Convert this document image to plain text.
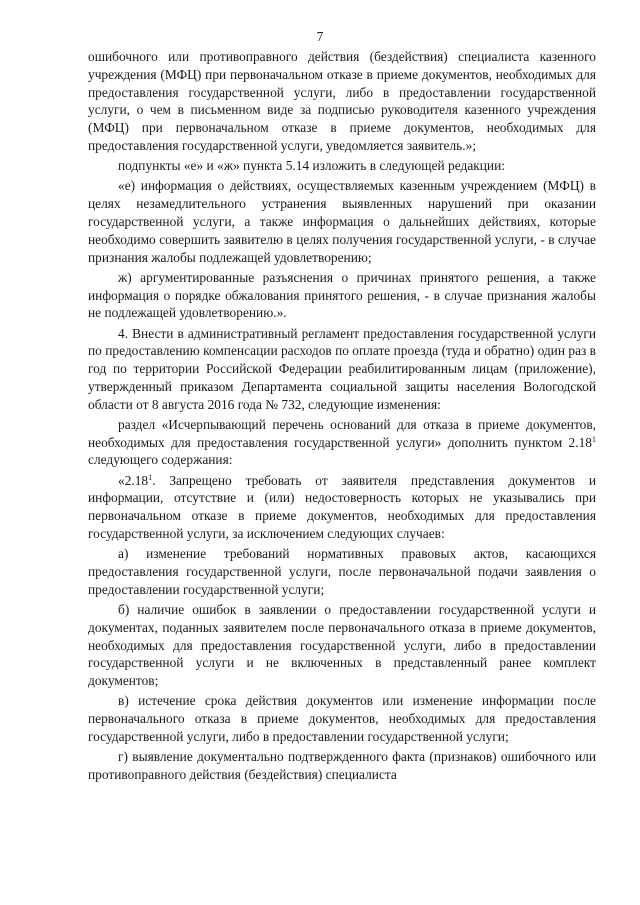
7

ошибочного или противоправного действия (бездействия) специалиста казенного учреждения (МФЦ) при первоначальном отказе в приеме документов, необходимых для предоставления государственной услуги, либо в предоставлении государственной услуги, о чем в письменном виде за подписью руководителя казенного учреждения (МФЦ) при первоначальном отказе в приеме документов, необходимых для предоставления государственной услуги, уведомляется заявитель.»;

подпункты «е» и «ж» пункта 5.14 изложить в следующей редакции:

«е) информация о действиях, осуществляемых казенным учреждением (МФЦ) в целях незамедлительного устранения выявленных нарушений при оказании государственной услуги, а также информация о дальнейших действиях, которые необходимо совершить заявителю в целях получения государственной услуги, - в случае признания жалобы подлежащей удовлетворению;

ж) аргументированные разъяснения о причинах принятого решения, а также информация о порядке обжалования принятого решения, - в случае признания жалобы не подлежащей удовлетворению.».

4. Внести в административный регламент предоставления государственной услуги по предоставлению компенсации расходов по оплате проезда (туда и обратно) один раз в год по территории Российской Федерации реабилитированным лицам (приложение), утвержденный приказом Департамента социальной защиты населения Вологодской области от 8 августа 2016 года № 732, следующие изменения:

раздел «Исчерпывающий перечень оснований для отказа в приеме документов, необходимых для предоставления государственной услуги» дополнить пунктом 2.18$^1$ следующего содержания:

«2.18$^1$. Запрещено требовать от заявителя представления документов и информации, отсутствие и (или) недостоверность которых не указывались при первоначальном отказе в приеме документов, необходимых для предоставления государственной услуги, за исключением следующих случаев:

а) изменение требований нормативных правовых актов, касающихся предоставления государственной услуги, после первоначальной подачи заявления о предоставлении государственной услуги;

б) наличие ошибок в заявлении о предоставлении государственной услуги и документах, поданных заявителем после первоначального отказа в приеме документов, необходимых для предоставления государственной услуги, либо в предоставлении государственной услуги и не включенных в представленный ранее комплект документов;

в) истечение срока действия документов или изменение информации после первоначального отказа в приеме документов, необходимых для предоставления государственной услуги, либо в предоставлении государственной услуги;

г) выявление документально подтвержденного факта (признаков) ошибочного или противоправного действия (бездействия) специалиста
